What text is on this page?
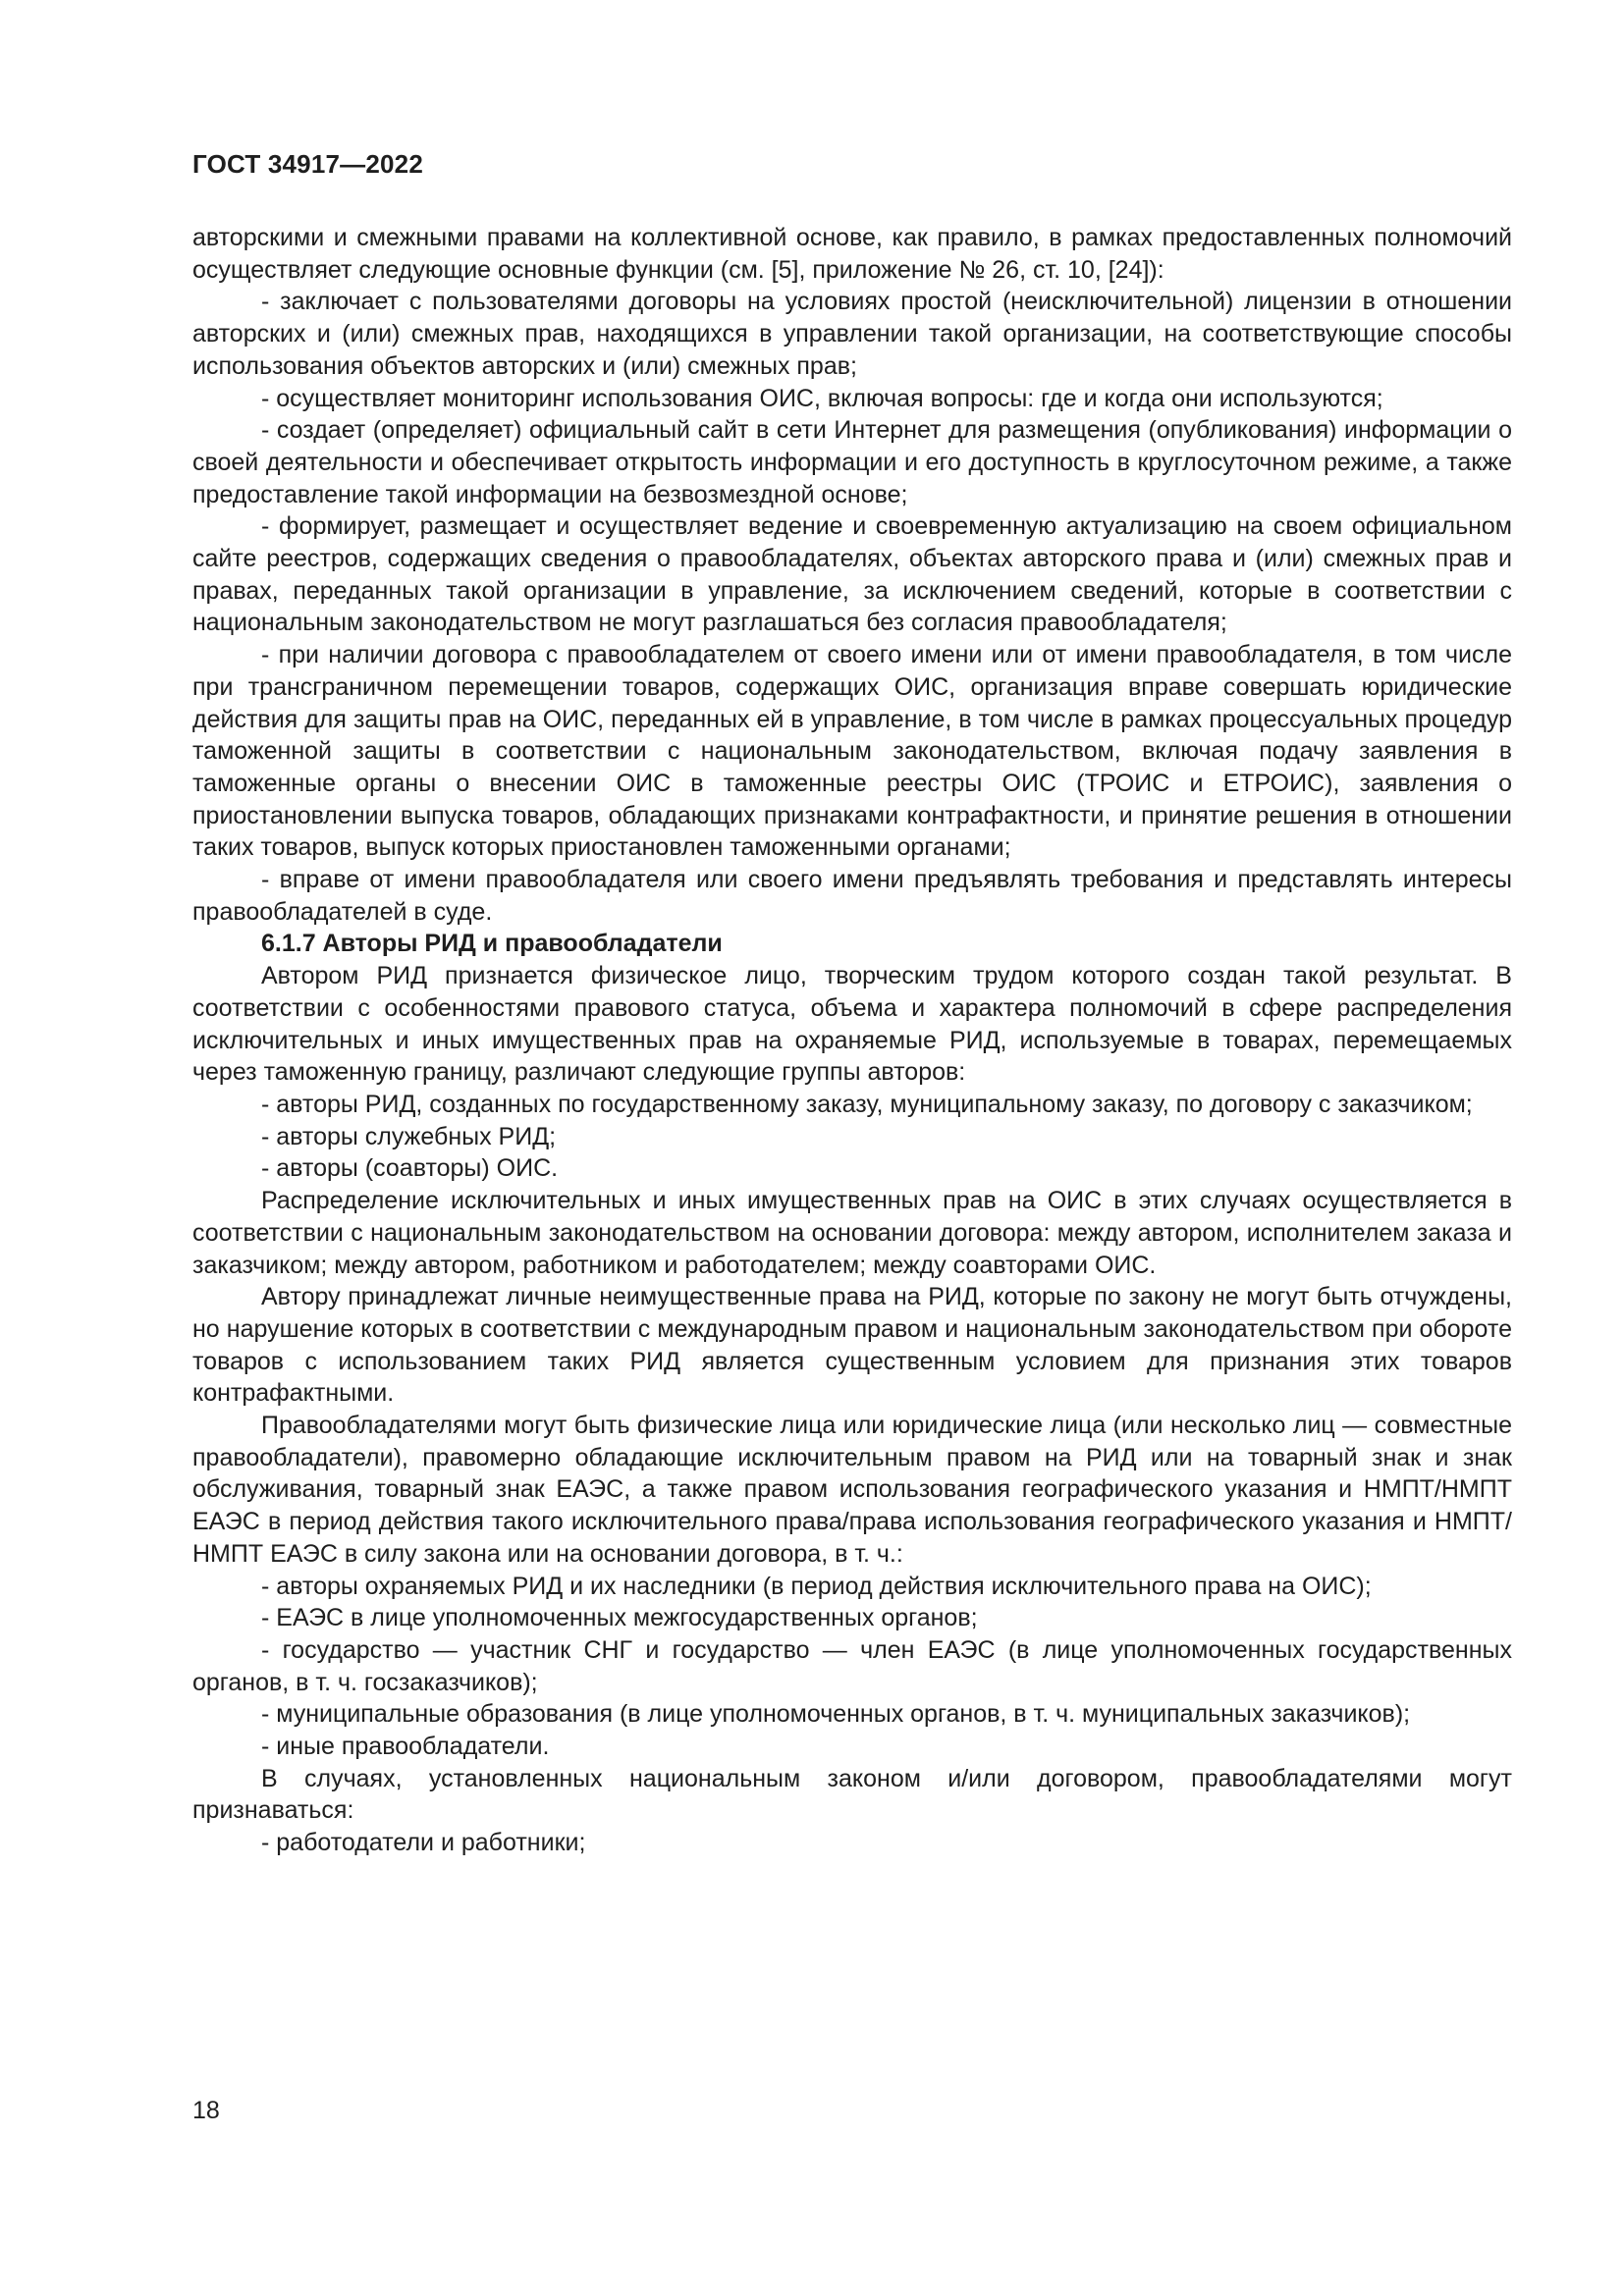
ГОСТ 34917—2022

авторскими и смежными правами на коллективной основе, как правило, в рамках предоставленных полномочий осуществляет следующие основные функции (см. [5], приложение № 26, ст. 10, [24]):

- заключает с пользователями договоры на условиях простой (неисключительной) лицензии в отношении авторских и (или) смежных прав, находящихся в управлении такой организации, на соответствующие способы использования объектов авторских и (или) смежных прав;

- осуществляет мониторинг использования ОИС, включая вопросы: где и когда они используются;

- создает (определяет) официальный сайт в сети Интернет для размещения (опубликования) информации о своей деятельности и обеспечивает открытость информации и его доступность в круглосуточном режиме, а также предоставление такой информации на безвозмездной основе;

- формирует, размещает и осуществляет ведение и своевременную актуализацию на своем официальном сайте реестров, содержащих сведения о правообладателях, объектах авторского права и (или) смежных прав и правах, переданных такой организации в управление, за исключением сведений, которые в соответствии с национальным законодательством не могут разглашаться без согласия правообладателя;

- при наличии договора с правообладателем от своего имени или от имени правообладателя, в том числе при трансграничном перемещении товаров, содержащих ОИС, организация вправе совершать юридические действия для защиты прав на ОИС, переданных ей в управление, в том числе в рамках процессуальных процедур таможенной защиты в соответствии с национальным законодательством, включая подачу заявления в таможенные органы о внесении ОИС в таможенные реестры ОИС (ТРОИС и ЕТРОИС), заявления о приостановлении выпуска товаров, обладающих признаками контрафактности, и принятие решения в отношении таких товаров, выпуск которых приостановлен таможенными органами;

- вправе от имени правообладателя или своего имени предъявлять требования и представлять интересы правообладателей в суде.

6.1.7 Авторы РИД и правообладатели

Автором РИД признается физическое лицо, творческим трудом которого создан такой результат. В соответствии с особенностями правового статуса, объема и характера полномочий в сфере распределения исключительных и иных имущественных прав на охраняемые РИД, используемые в товарах, перемещаемых через таможенную границу, различают следующие группы авторов:

- авторы РИД, созданных по государственному заказу, муниципальному заказу, по договору с заказчиком;

- авторы служебных РИД;

- авторы (соавторы) ОИС.

Распределение исключительных и иных имущественных прав на ОИС в этих случаях осуществляется в соответствии с национальным законодательством на основании договора: между автором, исполнителем заказа и заказчиком; между автором, работником и работодателем; между соавторами ОИС.

Автору принадлежат личные неимущественные права на РИД, которые по закону не могут быть отчуждены, но нарушение которых в соответствии с международным правом и национальным законодательством при обороте товаров с использованием таких РИД является существенным условием для признания этих товаров контрафактными.

Правообладателями могут быть физические лица или юридические лица (или несколько лиц — совместные правообладатели), правомерно обладающие исключительным правом на РИД или на товарный знак и знак обслуживания, товарный знак ЕАЭС, а также правом использования географического указания и НМПТ/НМПТ ЕАЭС в период действия такого исключительного права/права использования географического указания и НМПТ/НМПТ ЕАЭС в силу закона или на основании договора, в т. ч.:

- авторы охраняемых РИД и их наследники (в период действия исключительного права на ОИС);

- ЕАЭС в лице уполномоченных межгосударственных органов;

- государство — участник СНГ и государство — член ЕАЭС (в лице уполномоченных государственных органов, в т. ч. госзаказчиков);

- муниципальные образования (в лице уполномоченных органов, в т. ч. муниципальных заказчиков);

- иные правообладатели.

В случаях, установленных национальным законом и/или договором, правообладателями могут признаваться:

- работодатели и работники;

18
